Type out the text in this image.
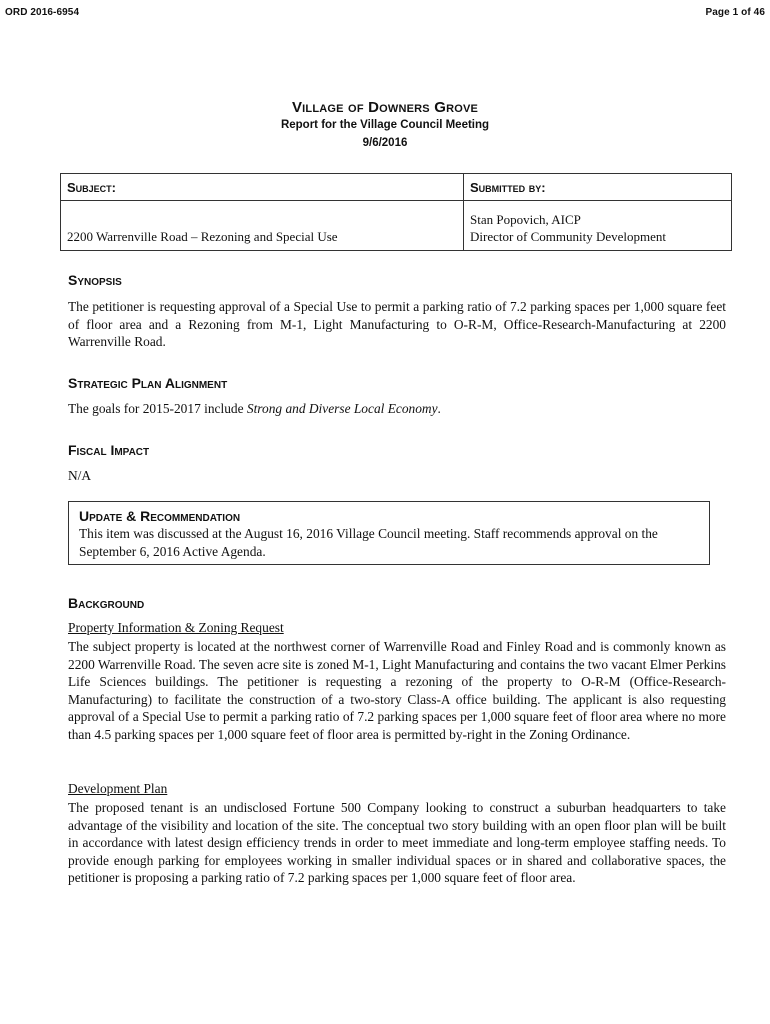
ORD 2016-6954	Page 1 of 46
Village of Downers Grove
Report for the Village Council Meeting
9/6/2016
Subject:	Submitted by:
2200 Warrenville Road – Rezoning and Special Use	Stan Popovich, AICP
Director of Community Development
Synopsis
The petitioner is requesting approval of a Special Use to permit a parking ratio of 7.2 parking spaces per 1,000 square feet of floor area and a Rezoning from M-1, Light Manufacturing to O-R-M, Office-Research-Manufacturing at 2200 Warrenville Road.
Strategic Plan Alignment
The goals for 2015-2017 include Strong and Diverse Local Economy.
Fiscal Impact
N/A
Update & Recommendation
This item was discussed at the August 16, 2016 Village Council meeting. Staff recommends approval on the September 6, 2016 Active Agenda.
Background
Property Information & Zoning Request
The subject property is located at the northwest corner of Warrenville Road and Finley Road and is commonly known as 2200 Warrenville Road. The seven acre site is zoned M-1, Light Manufacturing and contains the two vacant Elmer Perkins Life Sciences buildings. The petitioner is requesting a rezoning of the property to O-R-M (Office-Research-Manufacturing) to facilitate the construction of a two-story Class-A office building. The applicant is also requesting approval of a Special Use to permit a parking ratio of 7.2 parking spaces per 1,000 square feet of floor area where no more than 4.5 parking spaces per 1,000 square feet of floor area is permitted by-right in the Zoning Ordinance.
Development Plan
The proposed tenant is an undisclosed Fortune 500 Company looking to construct a suburban headquarters to take advantage of the visibility and location of the site. The conceptual two story building with an open floor plan will be built in accordance with latest design efficiency trends in order to meet immediate and long-term employee staffing needs. To provide enough parking for employees working in smaller individual spaces or in shared and collaborative spaces, the petitioner is proposing a parking ratio of 7.2 parking spaces per 1,000 square feet of floor area.
